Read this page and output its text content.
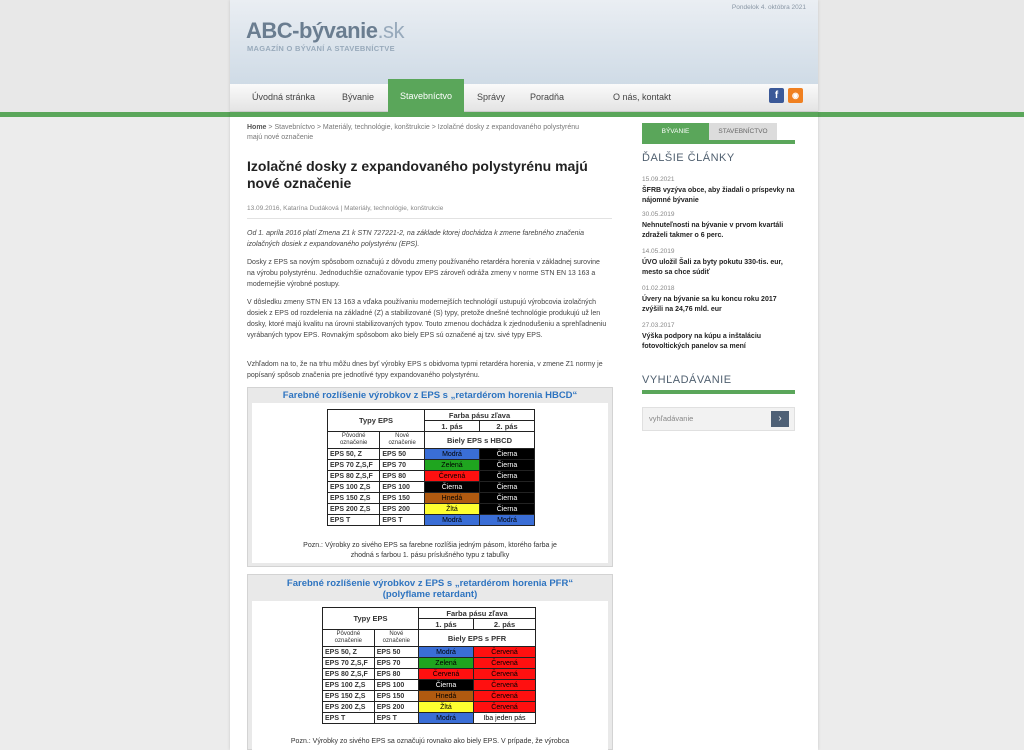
Pondelok 4. októbra 2021
ABC-bývanie.sk
MAGAZÍN O BÝVANÍ A STAVEBNÍCTVE
Úvodná stránka	Bývanie	Stavebníctvo	Správy	Poradňa	O nás, kontakt	f	◉
Home > Stavebníctvo > Materiály, technológie, konštrukcie > Izolačné dosky z expandovaného polystyrénu majú nové označenie
Izolačné dosky z expandovaného polystyrénu majú nové označenie
13.09.2016, Katarína Dudáková | Materiály, technológie, konštrukcie
Od 1. apríla 2016 platí Zmena Z1 k STN 727221-2, na základe ktorej dochádza k zmene farebného značenia izolačných dosiek z expandovaného polystyrénu (EPS).
Dosky z EPS sa novým spôsobom označujú z dôvodu zmeny používaného retardéra horenia v základnej surovine na výrobu polystyrénu. Jednoduchšie označovanie typov EPS zároveň odráža zmeny v norme STN EN 13 163 a modernejšie výrobné postupy.
V dôsledku zmeny STN EN 13 163 a vďaka používaniu modernejších technológií ustupujú výrobcovia izolačných dosiek z EPS od rozdelenia na základné (Z) a stabilizované (S) typy, pretože dnešné technológie produkujú už len dosky, ktoré majú kvalitu na úrovni stabilizovaných typov. Touto zmenou dochádza k zjednodušeniu a sprehľadneniu vyrábaných typov EPS. Rovnakým spôsobom ako biely EPS sú označené aj tzv. sivé typy EPS.
Vzhľadom na to, že na trhu môžu dnes byť výrobky EPS s obidvoma typmi retardéra horenia, v zmene Z1 normy je popísaný spôsob značenia pre jednotlivé typy expandovaného polystyrénu.
Farebné rozlíšenie výrobkov z EPS s „retardérom horenia HBCD“
Typy EPS		Farba pásu zľava	
		1. pás	2. pás
Pôvodné označenie	Nové označenie	Biely EPS s HBCD	
EPS 50, Z	EPS 50	Modrá	Čierna
EPS 70 Z,S,F	EPS 70	Zelená	Čierna
EPS 80 Z,S,F	EPS 80	Červená	Čierna
EPS 100 Z,S	EPS 100	Čierna	Čierna
EPS 150 Z,S	EPS 150	Hnedá	Čierna
EPS 200 Z,S	EPS 200	Žltá	Čierna
EPS T	EPS T	Modrá	Modrá
Pozn.: Výrobky zo sivého EPS sa farebne rozlíšia jedným pásom, ktorého farba je zhodná s farbou 1. pásu príslušného typu z tabuľky
Farebné rozlíšenie výrobkov z EPS s „retardérom horenia PFR“
(polyflame retardant)
Typy EPS		Farba pásu zľava	
		1. pás	2. pás
Pôvodné označenie	Nové označenie	Biely EPS s PFR	
EPS 50, Z	EPS 50	Modrá	Červená
EPS 70 Z,S,F	EPS 70	Zelená	Červená
EPS 80 Z,S,F	EPS 80	Červená	Červená
EPS 100 Z,S	EPS 100	Čierna	Červená
EPS 150 Z,S	EPS 150	Hnedá	Červená
EPS 200 Z,S	EPS 200	Žltá	Červená
EPS T	EPS T	Modrá	Iba jeden pás
Pozn.: Výrobky zo sivého EPS sa označujú rovnako ako biely EPS. V prípade, že výrobca
BÝVANIE	STAVEBNÍCTVO
ĎALŠIE ČLÁNKY
15.09.2021
ŠFRB vyzýva obce, aby žiadali o príspevky na nájomné bývanie
30.05.2019
Nehnuteľnosti na bývanie v prvom kvartáli zdraželi takmer o 6 perc.
14.05.2019
ÚVO uložil Šali za byty pokutu 330-tis. eur, mesto sa chce súdiť
01.02.2018
Úvery na bývanie sa ku koncu roku 2017 zvýšili na 24,76 mld. eur
27.03.2017
Výška podpory na kúpu a inštaláciu fotovoltických panelov sa mení
VYHĽADÁVANIE
vyhľadávanie	›
